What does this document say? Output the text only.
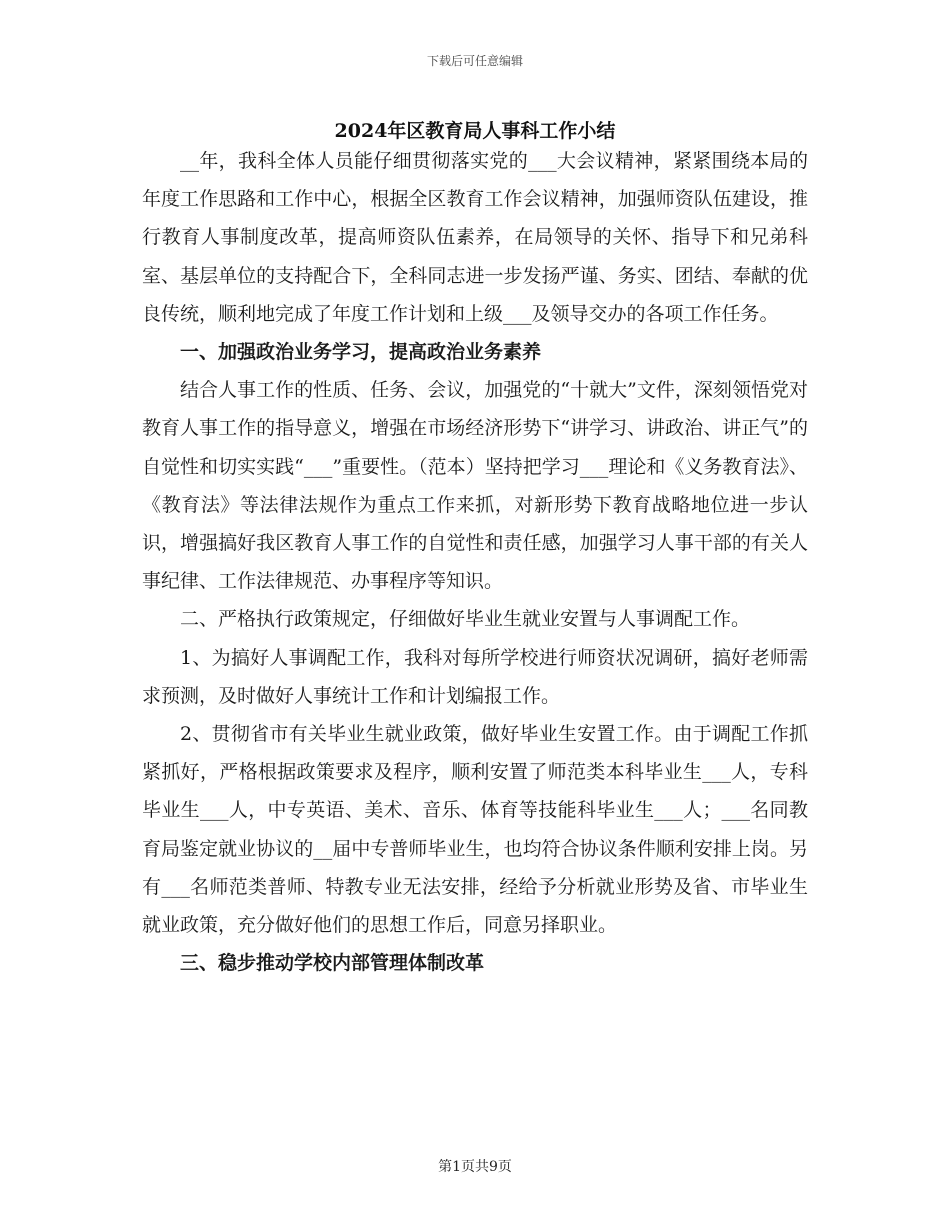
下载后可任意编辑
2024年区教育局人事科工作小结

__年，我科全体人员能仔细贯彻落实党的___大会议精神，紧紧围绕本局的年度工作思路和工作中心，根据全区教育工作会议精神，加强师资队伍建设，推行教育人事制度改革，提高师资队伍素养，在局领导的关怀、指导下和兄弟科室、基层单位的支持配合下，全科同志进一步发扬严谨、务实、团结、奉献的优良传统，顺利地完成了年度工作计划和上级___及领导交办的各项工作任务。

一、加强政治业务学习，提高政治业务素养

结合人事工作的性质、任务、会议，加强党的“十就大”文件，深刻领悟党对教育人事工作的指导意义，增强在市场经济形势下“讲学习、讲政治、讲正气”的自觉性和切实实践“___”重要性。（范本）坚持把学习___理论和《义务教育法》、《教育法》等法律法规作为重点工作来抓，对新形势下教育战略地位进一步认识，增强搞好我区教育人事工作的自觉性和责任感，加强学习人事干部的有关人事纪律、工作法律规范、办事程序等知识。

二、严格执行政策规定，仔细做好毕业生就业安置与人事调配工作。

1、为搞好人事调配工作，我科对每所学校进行师资状况调研，搞好老师需求预测，及时做好人事统计工作和计划编报工作。

2、贯彻省市有关毕业生就业政策，做好毕业生安置工作。由于调配工作抓紧抓好，严格根据政策要求及程序，顺利安置了师范类本科毕业生___人，专科毕业生___人，中专英语、美术、音乐、体育等技能科毕业生___人；___名同教育局鉴定就业协议的__届中专普师毕业生，也均符合协议条件顺利安排上岗。另有___名师范类普师、特教专业无法安排，经给予分析就业形势及省、市毕业生就业政策，充分做好他们的思想工作后，同意另择职业。

三、稳步推动学校内部管理体制改革

第1页共9页
